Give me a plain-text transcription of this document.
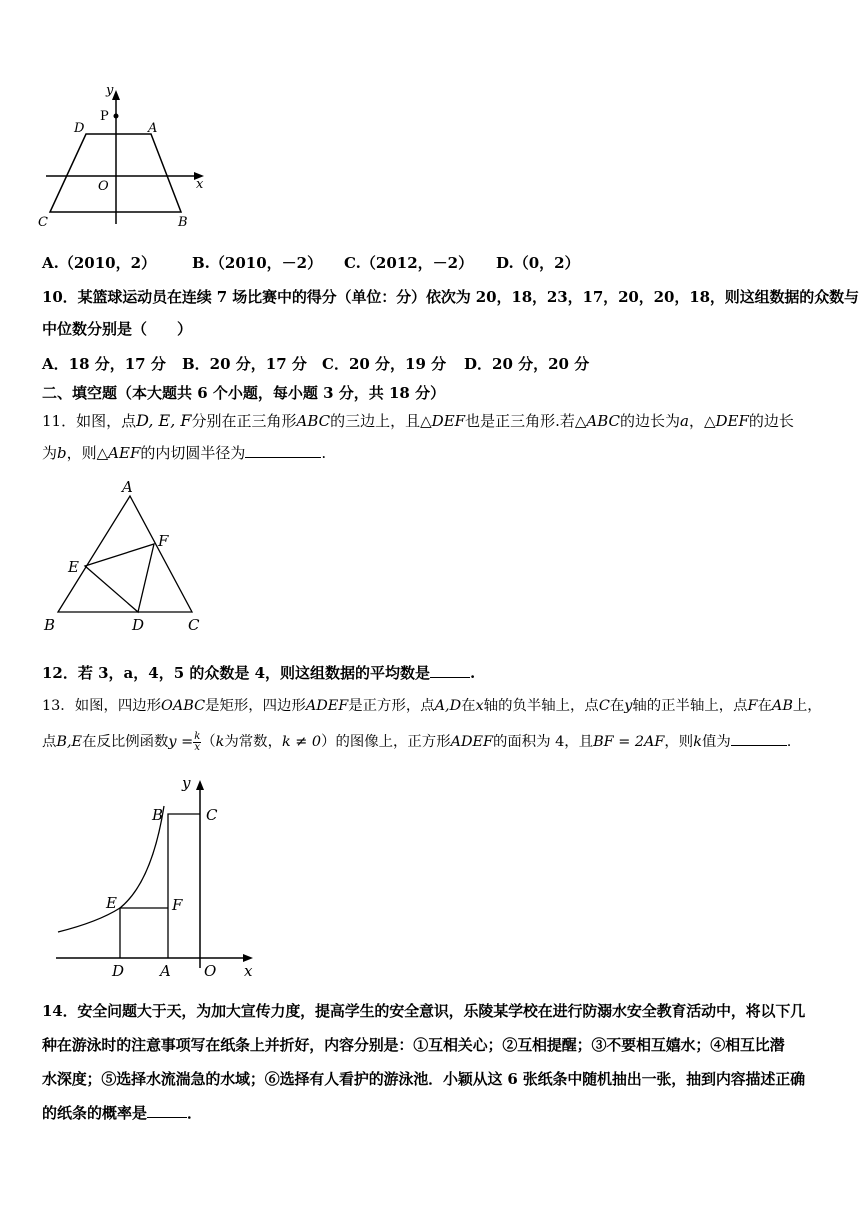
y
P
D	A
O	x
C	B
A.（2010，2） B.（2010，－2） C.（2012，－2） D.（0，2）
10．某篮球运动员在连续 7 场比赛中的得分（单位：分）依次为 20，18，23，17，20，20，18，则这组数据的众数与
中位数分别是（　　）
A．18 分，17 分 B．20 分，17 分 C．20 分，19 分 D．20 分，20 分
二、填空题（本大题共 6 个小题，每小题 3 分，共 18 分）
11．如图，点D, E, F分别在正三角形ABC的三边上，且△DEF也是正三角形.若△ABC的边长为a，△DEF的边长
为b，则△AEF的内切圆半径为	.
A
E
F
B	D	C
12．若 3，a，4，5 的众数是 4，则这组数据的平均数是	.
13．如图，四边形OABC是矩形，四边形ADEF是正方形，点A,D在x轴的负半轴上，点C在y轴的正半轴上，点F在AB上，
点B,E在反比例函数$y = \frac{k}{x} (k$为常数，k ≠ 0）的图像上，正方形ADEF的面积为 4，且BF = 2AF，则k值为	.
y
B	C
E	F
D A O x
14．安全问题大于天，为加大宣传力度，提高学生的安全意识，乐陵某学校在进行防溺水安全教育活动中，将以下几
种在游泳时的注意事项写在纸条上并折好，内容分别是：①互相关心；②互相提醒；③不要相互嬉水；④相互比潜
水深度；⑤选择水流湍急的水域；⑥选择有人看护的游泳池．小颖从这 6 张纸条中随机抽出一张，抽到内容描述正确
的纸条的概率是	．
